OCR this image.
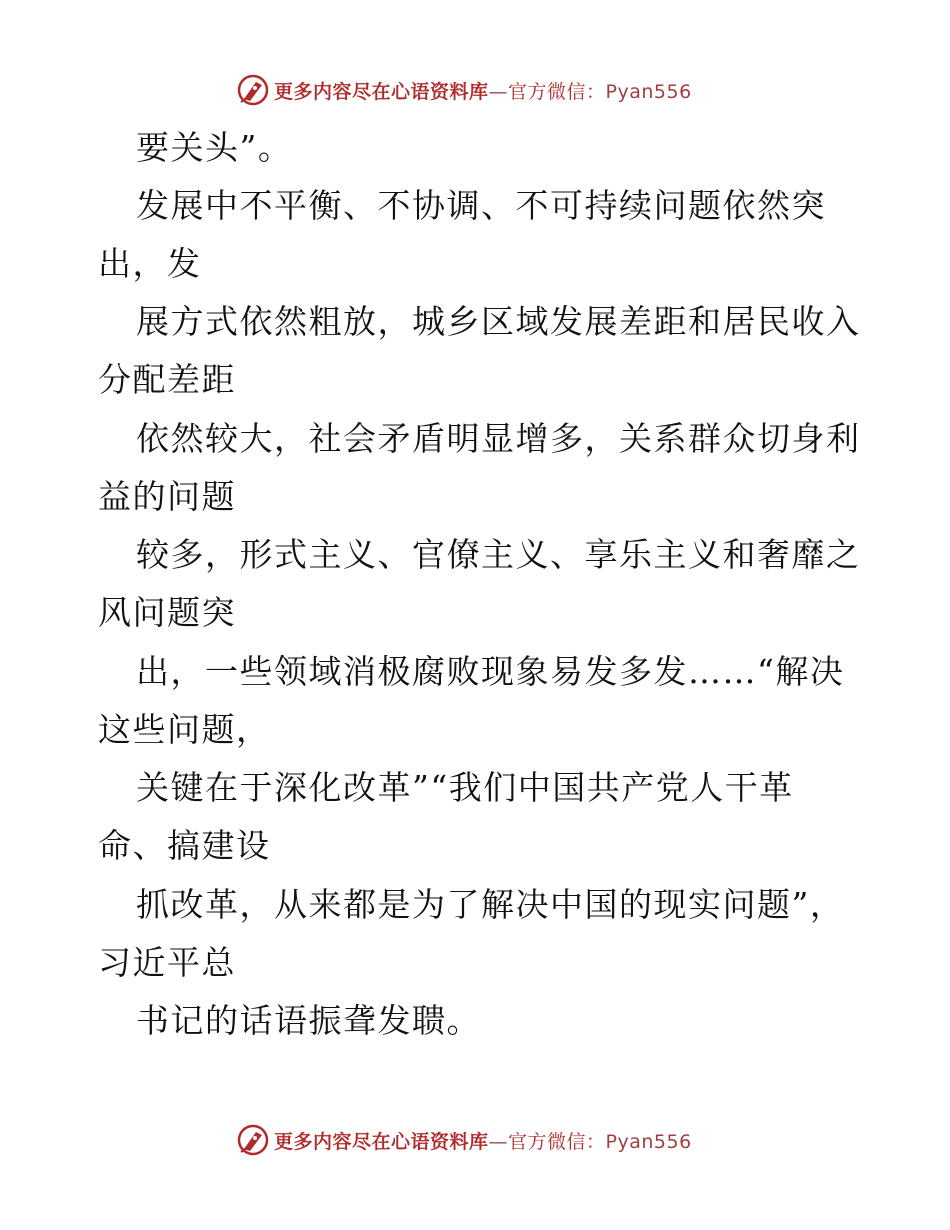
更多内容尽在心语资料库—官方微信：Pyan556
要关头”。
发展中不平衡、不协调、不可持续问题依然突
出，发
展方式依然粗放，城乡区域发展差距和居民收入
分配差距
依然较大，社会矛盾明显增多，关系群众切身利
益的问题
较多，形式主义、官僚主义、享乐主义和奢靡之
风问题突
出，一些领域消极腐败现象易发多发……“解决
这些问题，
关键在于深化改革”“我们中国共产党人干革
命、搞建设
抓改革，从来都是为了解决中国的现实问题”，
习近平总
书记的话语振聋发聩。
更多内容尽在心语资料库—官方微信：Pyan556
